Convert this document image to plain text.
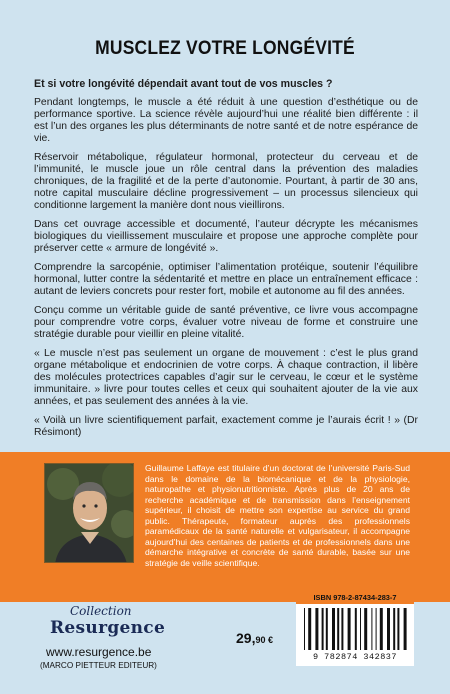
MUSCLEZ VOTRE LONGÉVITÉ

Et si votre longévité dépendait avant tout de vos muscles ?

Pendant longtemps, le muscle a été réduit à une question d’esthétique ou de performance sportive. La science révèle aujourd’hui une réalité bien différente : il est l’un des organes les plus déterminants de notre santé et de notre espérance de vie.

Réservoir métabolique, régulateur hormonal, protecteur du cerveau et de l’immunité, le muscle joue un rôle central dans la prévention des maladies chroniques, de la fragilité et de la perte d’autonomie. Pourtant, à partir de 30 ans, notre capital musculaire décline progressivement – un processus silencieux qui conditionne largement la manière dont nous vieillirons.

Dans cet ouvrage accessible et documenté, l’auteur décrypte les mécanismes biologiques du vieillissement musculaire et propose une approche complète pour préserver cette « armure de longévité ».

Comprendre la sarcopénie, optimiser l’alimentation protéique, soutenir l’équilibre hormonal, lutter contre la sédentarité et mettre en place un entraînement efficace : autant de leviers concrets pour rester fort, mobile et autonome au fil des années.

Conçu comme un véritable guide de santé préventive, ce livre vous accompagne pour comprendre votre corps, évaluer votre niveau de forme et construire une stratégie durable pour vieillir en pleine vitalité.

« Le muscle n’est pas seulement un organe de mouvement : c’est le plus grand organe métabolique et endocrinien de votre corps. À chaque contraction, il libère des molécules protectrices capables d’agir sur le cerveau, le cœur et le système immunitaire. » livre pour toutes celles et ceux qui souhaitent ajouter de la vie aux années, et pas seulement des années à la vie.

« Voilà un livre scientifiquement parfait, exactement comme je l’aurais écrit ! » (Dr Résimont)

Guillaume Laffaye est titulaire d’un doctorat de l’université Paris-Sud dans le domaine de la biomécanique et de la physiologie, naturopathe et physionutritionniste. Après plus de 20 ans de recherche académique et de transmission dans l’enseignement supérieur, il choisit de mettre son expertise au service du grand public. Thérapeute, formateur auprès des professionnels paramédicaux de la santé naturelle et vulgarisateur, il accompagne aujourd’hui des centaines de patients et de professionnels dans une démarche intégrative et concrète de santé durable, basée sur une stratégie de veille scientifique.
ISBN 978-2-87434-283-7
9 782874 342837
29,90 €
Collection
Resurgence
www.resurgence.be
(MARCO PIETTEUR EDITEUR)
